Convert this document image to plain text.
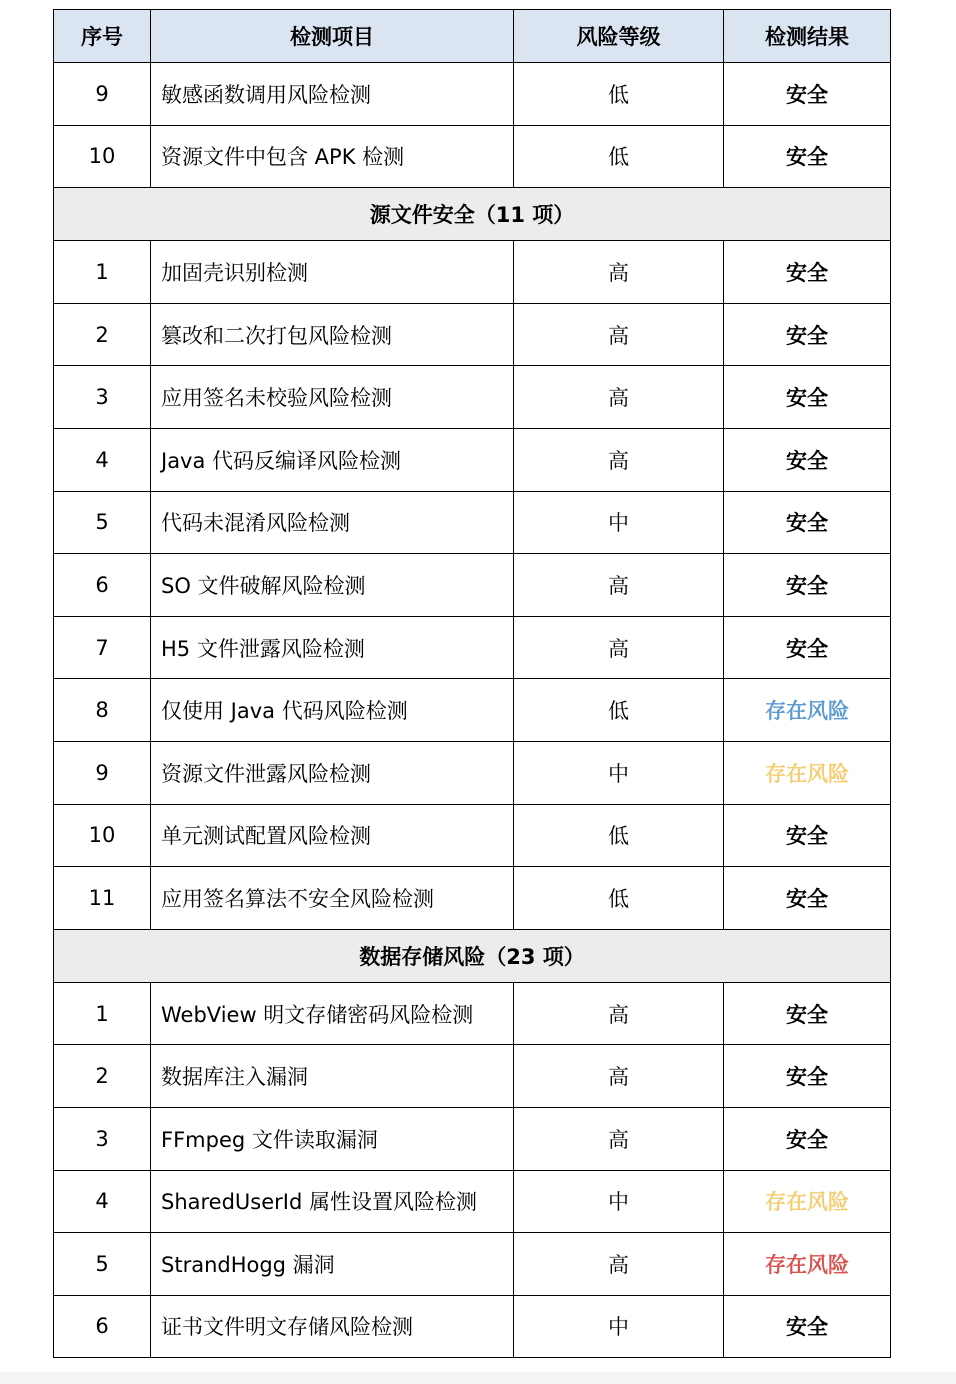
序号	检测项目	风险等级	检测结果
9	敏感函数调用风险检测	低	安全
10	资源文件中包含 APK 检测	低	安全
源文件安全（11 项）			
1	加固壳识别检测	高	安全
2	篡改和二次打包风险检测	高	安全
3	应用签名未校验风险检测	高	安全
4	Java 代码反编译风险检测	高	安全
5	代码未混淆风险检测	中	安全
6	SO 文件破解风险检测	高	安全
7	H5 文件泄露风险检测	高	安全
8	仅使用 Java 代码风险检测	低	存在风险
9	资源文件泄露风险检测	中	存在风险
10	单元测试配置风险检测	低	安全
11	应用签名算法不安全风险检测	低	安全
数据存储风险（23 项）			
1	WebView 明文存储密码风险检测	高	安全
2	数据库注入漏洞	高	安全
3	FFmpeg 文件读取漏洞	高	安全
4	SharedUserId 属性设置风险检测	中	存在风险
5	StrandHogg 漏洞	高	存在风险
6	证书文件明文存储风险检测	中	安全
